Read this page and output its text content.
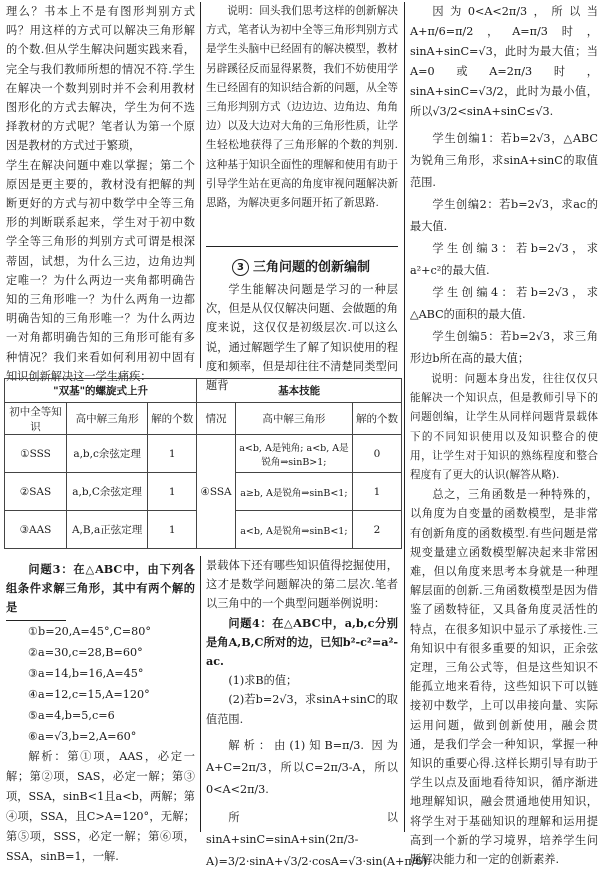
理么？书本上不是有图形判别方式吗？用这样的方式可以解决三角形解的个数.但从学生解决问题实践来看，完全与我们教师所想的情况不符.学生在解决一个数判别时并不会利用教材图形化的方式去解决，学生为何不选择教材的方式呢？笔者认为第一个原因是教材的方式过于繁琐，

学生在解决问题中难以掌握；第二个原因是更主要的，教材没有把解的判断更好的方式与初中数学中全等三角形的判断联系起来，学生对于初中数学全等三角形的判别方式可谓是根深蒂固，试想，为什么三边，边角边判定唯一？为什么两边一夹角都明确告知的三角形唯一？为什么两角一边都明确告知的三角形唯一？为什么两边一对角都明确告知的三角形可能有多种情况？我们来看如何利用初中固有知识创新解决这一学生痛疾：

说明：回头我们思考这样的创新解决方式，笔者认为初中全等三角形判别方式是学生头脑中已经固有的解决模型，教材另辟蹊径反而显得累赘，我们不妨使用学生已经固有的知识结合新的问题，从全等三角形判别方式（边边边、边角边、角角边）以及大边对大角的三角形性质，让学生轻松地获得了三角形解的个数的判别. 这种基于知识全面性的理解和使用有助于引导学生站在更高的角度审视问题解决新思路，为解决更多问题开拓了新思路.

3 三角问题的创新编制

学生能解决问题是学习的一种层次，但是从仅仅解决问题、会做题的角度来说，这仅仅是初级层次.可以这么说，通过解题学生了解了知识使用的程度和频率，但是却往往不清楚同类型问题背

因为0<A<2π/3，所以当A+π/6=π/2，A=π/3时，sinA+sinC=√3，此时为最大值；当A=0或A=2π/3时，sinA+sinC=√3/2，此时为最小值，所以√3/2<sinA+sinC≤√3.

学生创编1：若b=2√3，△ABC为锐角三角形，求sinA+sinC的取值范围.

学生创编2：若b=2√3，求ac的最大值.

学生创编3：若b=2√3，求a²+c²的最大值.

学生创编4：若b=2√3，求△ABC的面积的最大值.

学生创编5：若b=2√3，求三角形边b所在高的最大值；

说明：问题本身出发，往往仅仅只能解决一个知识点，但是教师引导下的问题创编，让学生从同样问题背景载体下的不同知识使用以及知识整合的使用，让学生对于知识的熟练程度和整合程度有了更大的认识(解答从略).

总之，三角函数是一种特殊的，以角度为自变量的函数模型，是非常有创新角度的函数模型.有些问题是常规变量建立函数模型解决起来非常困难，但以角度来思考本身就是一种理解层面的创新.三角函数模型是因为借鉴了函数特征，又具备角度灵活性的特点，在很多知识中显示了承接性.三角知识中有很多重要的知识，正余弦定理，三角公式等，但是这些知识不能孤立地来看待，这些知识下可以链接初中数学，上可以串接向量、实际运用问题，做到创新使用，融会贯通，是我们学会一种知识，掌握一种知识的重要心得.这样长期引导有助于学生以点及面地看待知识，循序渐进地理解知识，融会贯通地使用知识，将学生对于基础知识的理解和运用提高到一个新的学习境界，培养学生问题解决能力和一定的创新素养.

"双基"的螺旋式上升			基本技能		
初中全等知识	高中解三角形	解的个数	情况	高中解三角形	解的个数
①SSS	a,b,c余弦定理	1	④SSA	a<b, A是钝角; a<b, A是锐角⇒sinB>1;	0
②SAS	a,b,C余弦定理	1		a≥b, A是锐角⇒sinB<1;	1
③AAS	A,B,a正弦定理	1		a<b, A是锐角⇒sinB<1;	2

问题3：在△ABC中，由下列各组条件求解三角形，其中有两个解的是

①b=20,A=45°,C=80°

②a=30,c=28,B=60°

③a=14,b=16,A=45°

④a=12,c=15,A=120°

⑤a=4,b=5,c=6

⑥a=√3,b=2,A=60°

解析：第①项，AAS，必定一解；第②项，SAS，必定一解；第③项，SSA，sinB<1且a<b，两解；第④项，SSA，且C>A=120°，无解；第⑤项，SSS，必定一解；第⑥项，SSA，sinB=1，一解.

景载体下还有哪些知识值得挖掘使用，这才是数学问题解决的第二层次.笔者以三角中的一个典型问题举例说明：

问题4：在△ABC中，a,b,c分别是角A,B,C所对的边，已知b²-c²=a²-ac.

(1)求B的值；

(2)若b=2√3，求sinA+sinC的取值范围.

解析：由(1)知B=π/3. 因为A+C=2π/3，所以C=2π/3-A，所以0<A<2π/3.

所以sinA+sinC=sinA+sin(2π/3-A)=3/2·sinA+√3/2·cosA=√3·sin(A+π/6).
